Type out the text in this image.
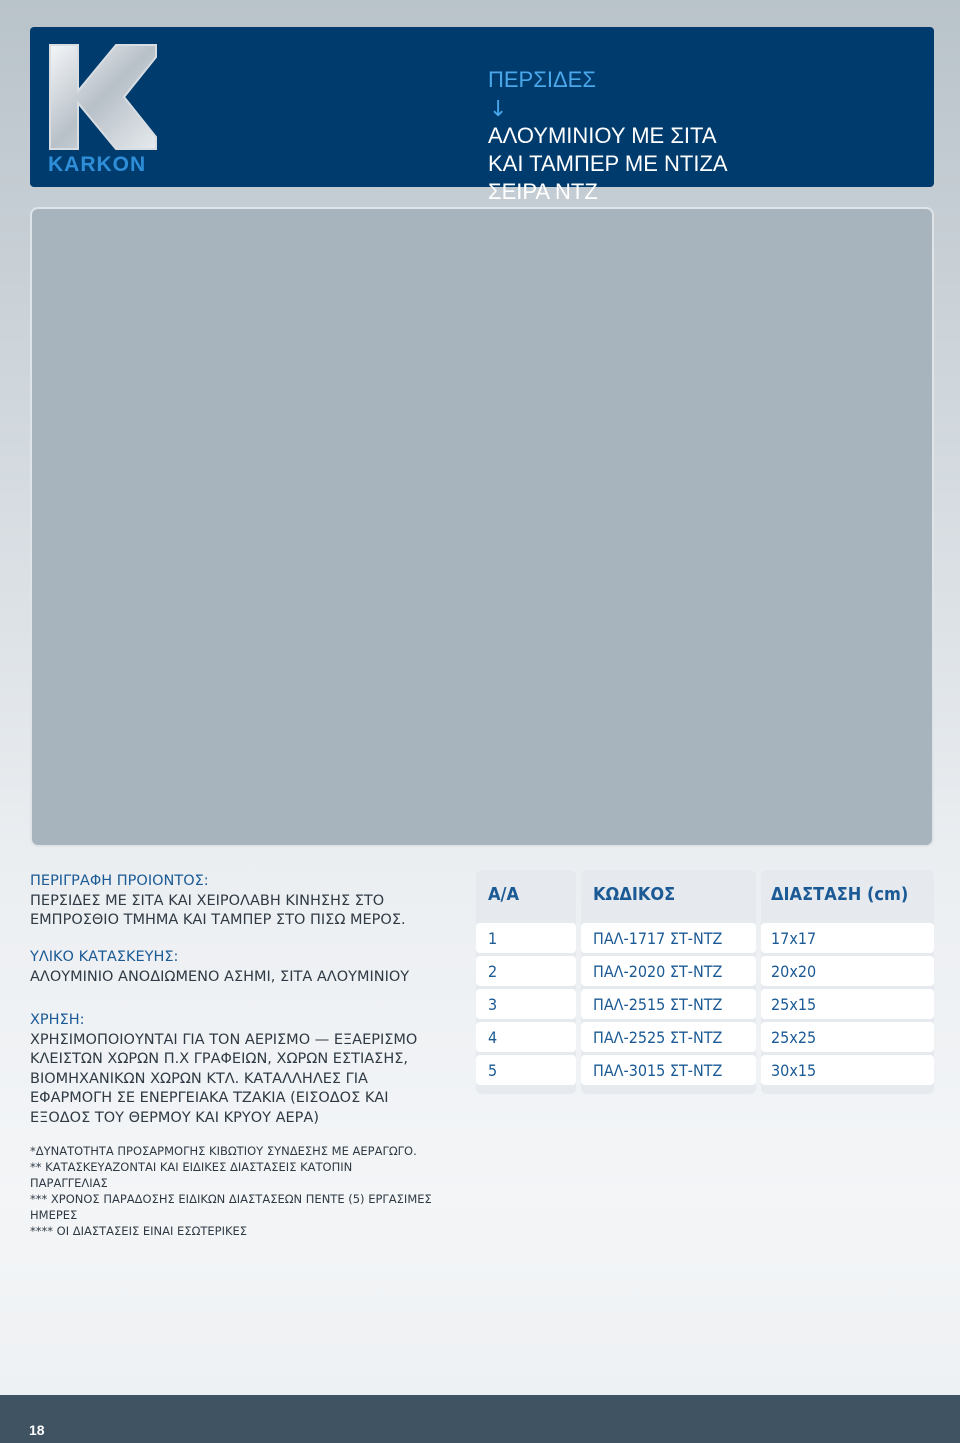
KARKON
ΠΕΡΣΙΔΕΣ
↓
ΑΛΟΥΜΙΝΙΟΥ ΜΕ ΣΙΤΑ
ΚΑΙ ΤΑΜΠΕΡ ΜΕ ΝΤΙΖΑ
ΣΕΙΡΑ ΝΤΖ
ΠΕΡΙΓΡΑΦΗ ΠΡΟΙΟΝΤΟΣ:
ΠΕΡΣΙΔΕΣ ΜΕ ΣΙΤΑ ΚΑΙ ΧΕΙΡΟΛΑΒΗ ΚΙΝΗΣΗΣ ΣΤΟ
ΕΜΠΡΟΣΘΙΟ ΤΜΗΜΑ ΚΑΙ ΤΑΜΠΕΡ ΣΤΟ ΠΙΣΩ ΜΕΡΟΣ.
ΥΛΙΚΟ ΚΑΤΑΣΚΕΥΗΣ:
ΑΛΟΥΜΙΝΙΟ ΑΝΟΔΙΩΜΕΝΟ ΑΣΗΜΙ, ΣΙΤΑ ΑΛΟΥΜΙΝΙΟΥ
ΧΡΗΣΗ:
ΧΡΗΣΙΜΟΠΟΙΟΥΝΤΑΙ ΓΙΑ ΤΟΝ ΑΕΡΙΣΜΟ — ΕΞΑΕΡΙΣΜΟ
ΚΛΕΙΣΤΩΝ ΧΩΡΩΝ Π.Χ ΓΡΑΦΕΙΩΝ, ΧΩΡΩΝ ΕΣΤΙΑΣΗΣ,
ΒΙΟΜΗΧΑΝΙΚΩΝ ΧΩΡΩΝ ΚΤΛ. ΚΑΤΑΛΛΗΛΕΣ ΓΙΑ
ΕΦΑΡΜΟΓΗ ΣΕ ΕΝΕΡΓΕΙΑΚΑ ΤΖΑΚΙΑ (ΕΙΣΟΔΟΣ ΚΑΙ
ΕΞΟΔΟΣ ΤΟΥ ΘΕΡΜΟΥ ΚΑΙ ΚΡΥΟΥ ΑΕΡΑ)
Α/Α	ΚΩΔΙΚΟΣ	ΔΙΑΣΤΑΣΗ (cm)
1	ΠΑΛ-1717 ΣΤ-ΝΤΖ	17x17
2	ΠΑΛ-2020 ΣΤ-ΝΤΖ	20x20
3	ΠΑΛ-2515 ΣΤ-ΝΤΖ	25x15
4	ΠΑΛ-2525 ΣΤ-ΝΤΖ	25x25
5	ΠΑΛ-3015 ΣΤ-ΝΤΖ	30x15
*ΔΥΝΑΤΟΤΗΤΑ ΠΡΟΣΑΡΜΟΓΗΣ ΚΙΒΩΤΙΟΥ ΣΥΝΔΕΣΗΣ ΜΕ ΑΕΡΑΓΩΓΟ.
** ΚΑΤΑΣΚΕΥΑΖΟΝΤΑΙ ΚΑΙ ΕΙΔΙΚΕΣ ΔΙΑΣΤΑΣΕΙΣ ΚΑΤΟΠΙΝ
ΠΑΡΑΓΓΕΛΙΑΣ
*** ΧΡΟΝΟΣ ΠΑΡΑΔΟΣΗΣ ΕΙΔΙΚΩΝ ΔΙΑΣΤΑΣΕΩΝ ΠΕΝΤΕ (5) ΕΡΓΑΣΙΜΕΣ
ΗΜΕΡΕΣ
**** ΟΙ ΔΙΑΣΤΑΣΕΙΣ ΕΙΝΑΙ ΕΣΩΤΕΡΙΚΕΣ
18
